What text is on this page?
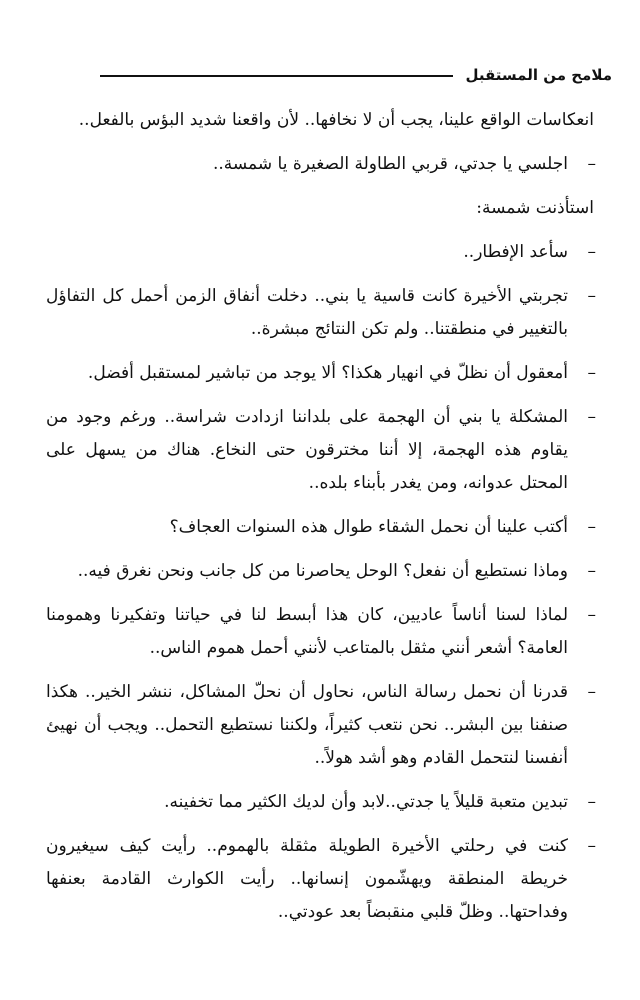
ملامح من المستقبل

انعكاسات الواقع علينا، يجب أن لا نخافها.. لأن واقعنا شديد البؤس بالفعل..

–
اجلسي يا جدتي، قربي الطاولة الصغيرة يا شمسة..

استأذنت شمسة:

–
سأعد الإفطار..
–
تجربتي الأخيرة كانت قاسية يا بني.. دخلت أنفاق الزمن أحمل كل التفاؤل بالتغيير في منطقتنا.. ولم تكن النتائج مبشرة..
–
أمعقول أن نظلّ في انهيار هكذا؟ ألا يوجد من تباشير لمستقبل أفضل.
–
المشكلة يا بني أن الهجمة على بلداننا ازدادت شراسة.. ورغم وجود من يقاوم هذه الهجمة، إلا أننا مخترقون حتى النخاع. هناك من يسهل على المحتل عدوانه، ومن يغدر بأبناء بلده..
–
أكتب علينا أن نحمل الشقاء طوال هذه السنوات العجاف؟
–
وماذا نستطيع أن نفعل؟ الوحل يحاصرنا من كل جانب ونحن نغرق فيه..
–
لماذا لسنا أناساً عاديين، كان هذا أبسط لنا في حياتنا وتفكيرنا وهمومنا العامة؟ أشعر أنني مثقل بالمتاعب لأنني أحمل هموم الناس..
–
قدرنا أن نحمل رسالة الناس، نحاول أن نحلّ المشاكل، ننشر الخير.. هكذا صنفنا بين البشر.. نحن نتعب كثيراً، ولكننا نستطيع التحمل.. ويجب أن نهيئ أنفسنا لنتحمل القادم وهو أشد هولاً..
–
تبدين متعبة قليلاً يا جدتي..لابد وأن لديك الكثير مما تخفينه.
–
كنت في رحلتي الأخيرة الطويلة مثقلة بالهموم.. رأيت كيف سيغيرون خريطة المنطقة ويهشّمون إنسانها.. رأيت الكوارث القادمة بعنفها وفداحتها.. وظلّ قلبي منقبضاً بعد عودتي..
